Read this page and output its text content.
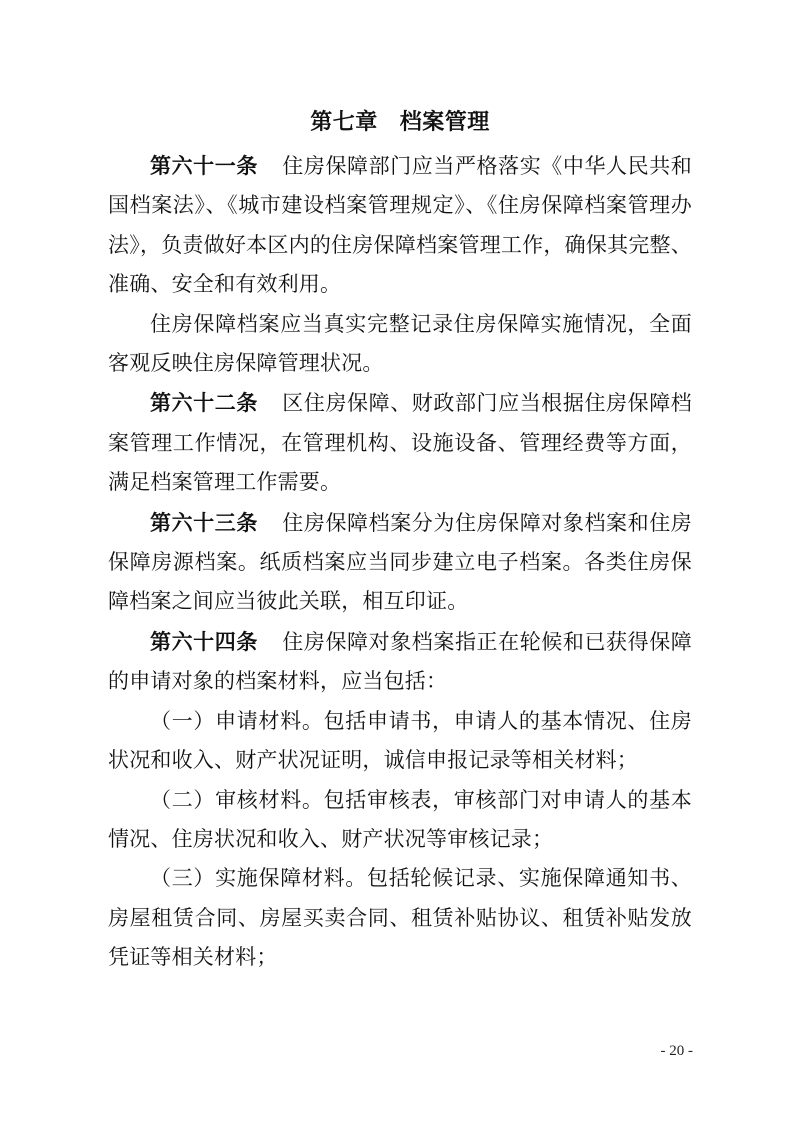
第七章 档案管理

第六十一条 住房保障部门应当严格落实《中华人民共和国档案法》、《城市建设档案管理规定》、《住房保障档案管理办法》，负责做好本区内的住房保障档案管理工作，确保其完整、准确、安全和有效利用。

住房保障档案应当真实完整记录住房保障实施情况，全面客观反映住房保障管理状况。

第六十二条 区住房保障、财政部门应当根据住房保障档案管理工作情况，在管理机构、设施设备、管理经费等方面，满足档案管理工作需要。

第六十三条 住房保障档案分为住房保障对象档案和住房保障房源档案。纸质档案应当同步建立电子档案。各类住房保障档案之间应当彼此关联，相互印证。

第六十四条 住房保障对象档案指正在轮候和已获得保障的申请对象的档案材料，应当包括：

（一）申请材料。包括申请书，申请人的基本情况、住房状况和收入、财产状况证明，诚信申报记录等相关材料；

（二）审核材料。包括审核表，审核部门对申请人的基本情况、住房状况和收入、财产状况等审核记录；

（三）实施保障材料。包括轮候记录、实施保障通知书、房屋租赁合同、房屋买卖合同、租赁补贴协议、租赁补贴发放凭证等相关材料；

- 20 -
